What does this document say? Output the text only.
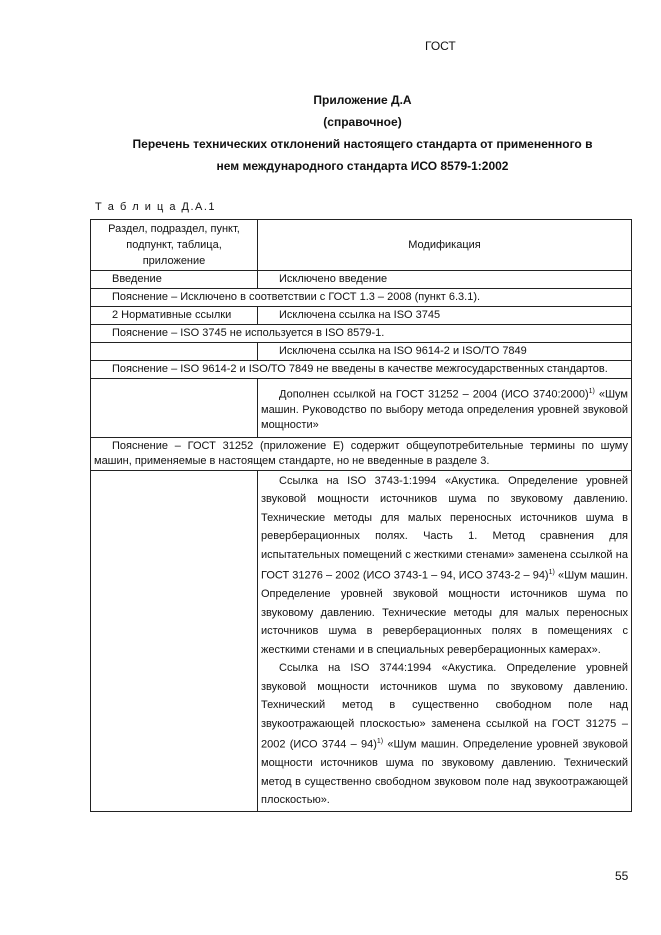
ГОСТ
Приложение Д.А
(справочное)
Перечень технических отклонений настоящего стандарта от примененного в
нем международного стандарта ИСО 8579-1:2002
Т а б л и ц а Д.А.1
Раздел, подраздел, пункт, подпункт, таблица, приложение	Модификация
Введение	Исключено введение
Пояснение – Исключено в соответствии с ГОСТ 1.3 – 2008 (пункт 6.3.1).	
2 Нормативные ссылки	Исключена ссылка на ISO 3745
Пояснение – ISO 3745 не используется в ISO 8579-1.	
	Исключена ссылка на ISO 9614-2 и ISO/TO 7849
Пояснение – ISO 9614-2 и ISO/TO 7849 не введены в качестве межгосударственных стандартов.	
	Дополнен ссылкой на ГОСТ 31252 – 2004 (ИСО 3740:2000)$^{1)}$ «Шум машин. Руководство по выбору метода определения уровней звуковой мощности»
Пояснение – ГОСТ 31252 (приложение Е) содержит общеупотребительные термины по шуму машин, применяемые в настоящем стандарте, но не введенные в разделе 3.	

	Ссылка на ISO 3743-1:1994 «Акустика. Определение уровней звуковой мощности источников шума по звуковому давлению. Технические методы для малых переносных источников шума в реверберационных полях. Часть 1. Метод сравнения для испытательных помещений с жесткими стенами» заменена ссылкой на ГОСТ 31276 – 2002 (ИСО 3743-1 – 94, ИСО 3743-2 – 94)$^{1)}$ «Шум машин. Определение уровней звуковой мощности источников шума по звуковому давлению. Технические методы для малых переносных источников шума в реверберационных полях в помещениях с жесткими стенами и в специальных реверберационных камерах».

Ссылка на ISO 3744:1994 «Акустика. Определение уровней звуковой мощности источников шума по звуковому давлению. Технический метод в существенно свободном поле над звукоотражающей плоскостью» заменена ссылкой на ГОСТ 31275 – 2002 (ИСО 3744 – 94)$^{1)}$ «Шум машин. Определение уровней звуковой мощности источников шума по звуковому давлению. Технический метод в существенно свободном звуковом поле над звукоотражающей плоскостью».

55
